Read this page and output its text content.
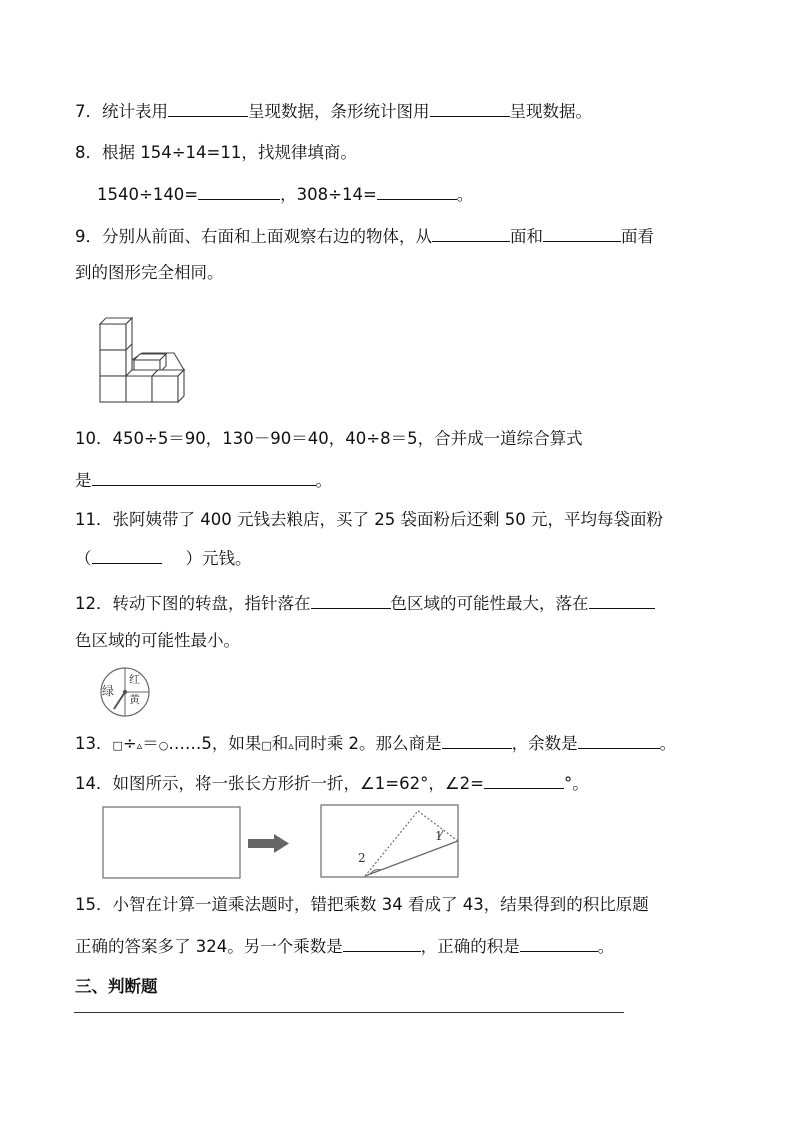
7．统计表用	呈现数据，条形统计图用	呈现数据。
8．根据 154÷14=11，找规律填商。
1540÷140=	，308÷14=	。
9．分别从前面、右面和上面观察右边的物体，从	面和	面看
到的图形完全相同。
10．450÷5＝90，130－90＝40，40÷8＝5，合并成一道综合算式
是	。
11．张阿姨带了 400 元钱去粮店，买了 25 袋面粉后还剩 50 元，平均每袋面粉
（	）元钱。
12．转动下图的转盘，指针落在	色区域的可能性最大，落在
色区域的可能性最小。
绿
红
黄
13．□÷▵＝○……5，如果□和▵同时乘 2。那么商是	，余数是	。
14．如图所示，将一张长方形折一折，∠1=62°，∠2=	°。
1
2
15．小智在计算一道乘法题时，错把乘数 34 看成了 43，结果得到的积比原题
正确的答案多了 324。另一个乘数是	，正确的积是	。
三、判断题
